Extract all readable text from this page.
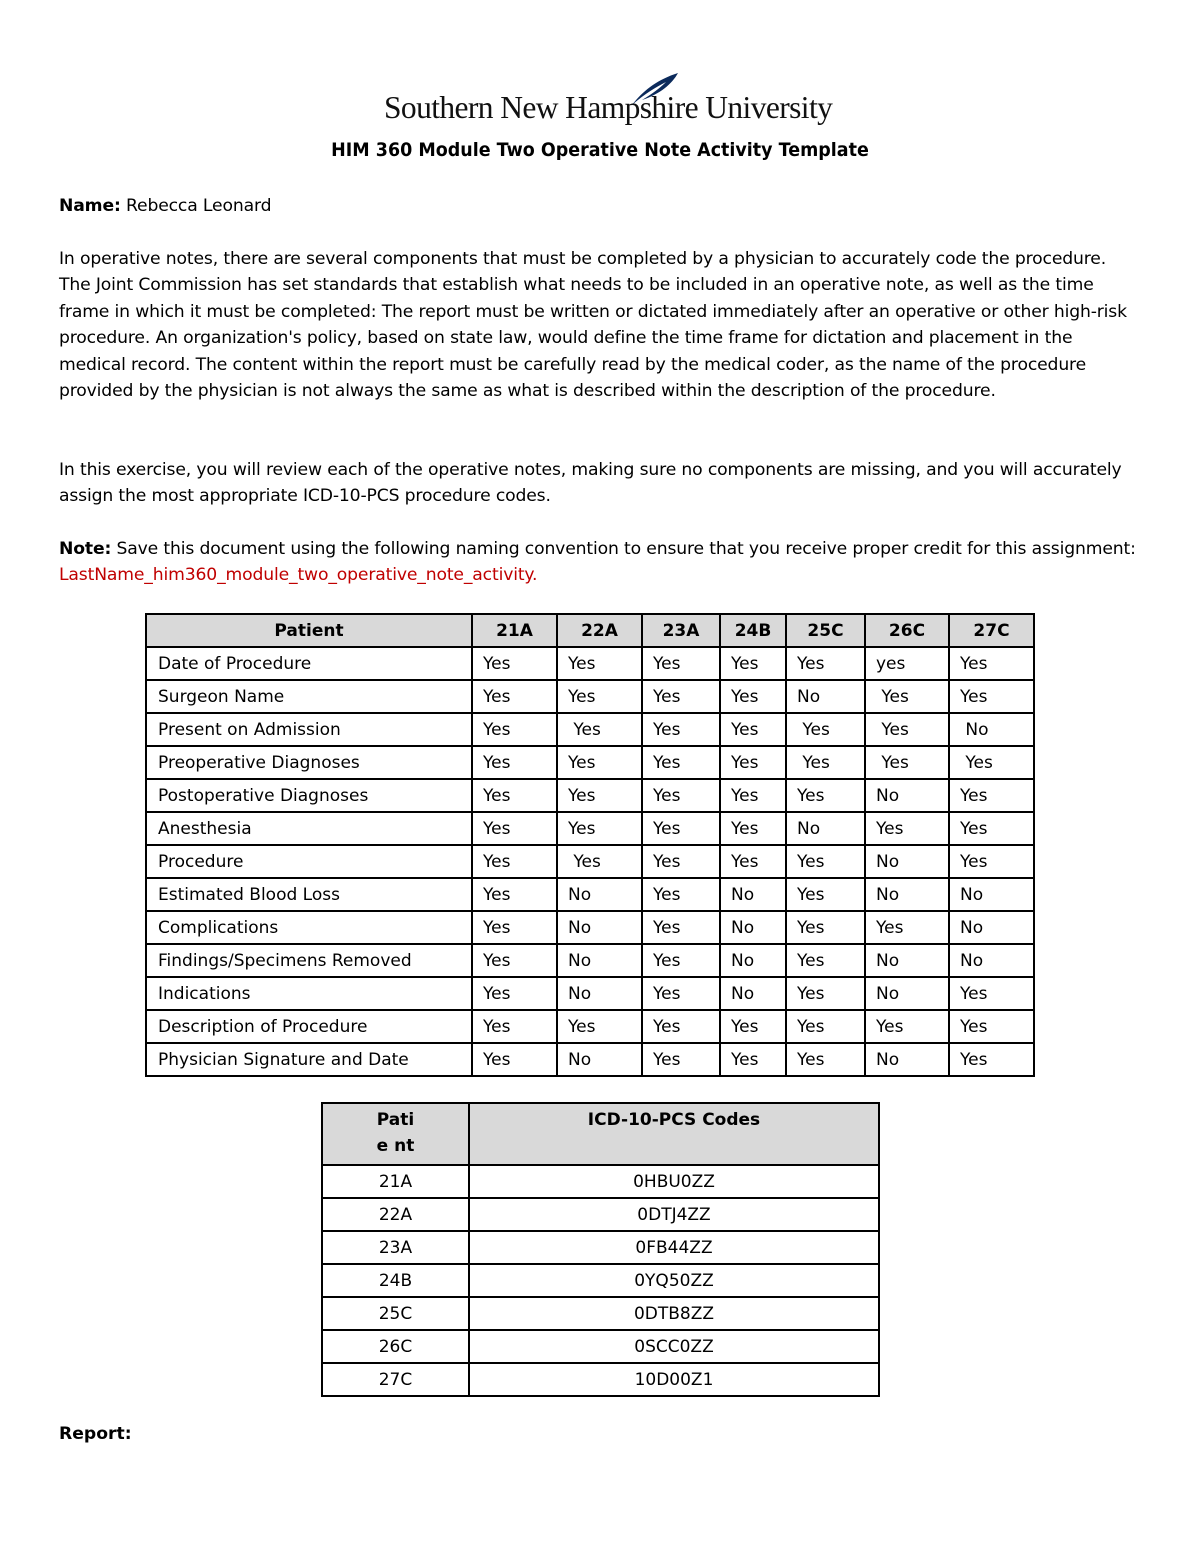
Southern New Hampshire University
HIM 360 Module Two Operative Note Activity Template
Name: Rebecca Leonard
In operative notes, there are several components that must be completed by a physician to accurately code the procedure. The Joint Commission has set standards that establish what needs to be included in an operative note, as well as the time frame in which it must be completed: The report must be written or dictated immediately after an operative or other high-risk procedure. An organization's policy, based on state law, would define the time frame for dictation and placement in the medical record. The content within the report must be carefully read by the medical coder, as the name of the procedure provided by the physician is not always the same as what is described within the description of the procedure.
In this exercise, you will review each of the operative notes, making sure no components are missing, and you will accurately assign the most appropriate ICD-10-PCS procedure codes.
Note: Save this document using the following naming convention to ensure that you receive proper credit for this assignment: LastName_him360_module_two_operative_note_activity.
Patient	21A	22A	23A	24B	25C	26C	27C
Date of Procedure	Yes	Yes	Yes	Yes	Yes	yes	Yes
Surgeon Name	Yes	Yes	Yes	Yes	No	Yes	Yes
Present on Admission	Yes	Yes	Yes	Yes	Yes	Yes	No
Preoperative Diagnoses	Yes	Yes	Yes	Yes	Yes	Yes	Yes
Postoperative Diagnoses	Yes	Yes	Yes	Yes	Yes	No	Yes
Anesthesia	Yes	Yes	Yes	Yes	No	Yes	Yes
Procedure	Yes	Yes	Yes	Yes	Yes	No	Yes
Estimated Blood Loss	Yes	No	Yes	No	Yes	No	No
Complications	Yes	No	Yes	No	Yes	Yes	No
Findings/Specimens Removed	Yes	No	Yes	No	Yes	No	No
Indications	Yes	No	Yes	No	Yes	No	Yes
Description of Procedure	Yes	Yes	Yes	Yes	Yes	Yes	Yes
Physician Signature and Date	Yes	No	Yes	Yes	Yes	No	Yes
Patie nt	ICD-10-PCS Codes
21A	0HBU0ZZ
22A	0DTJ4ZZ
23A	0FB44ZZ
24B	0YQ50ZZ
25C	0DTB8ZZ
26C	0SCC0ZZ
27C	10D00Z1
Report:
